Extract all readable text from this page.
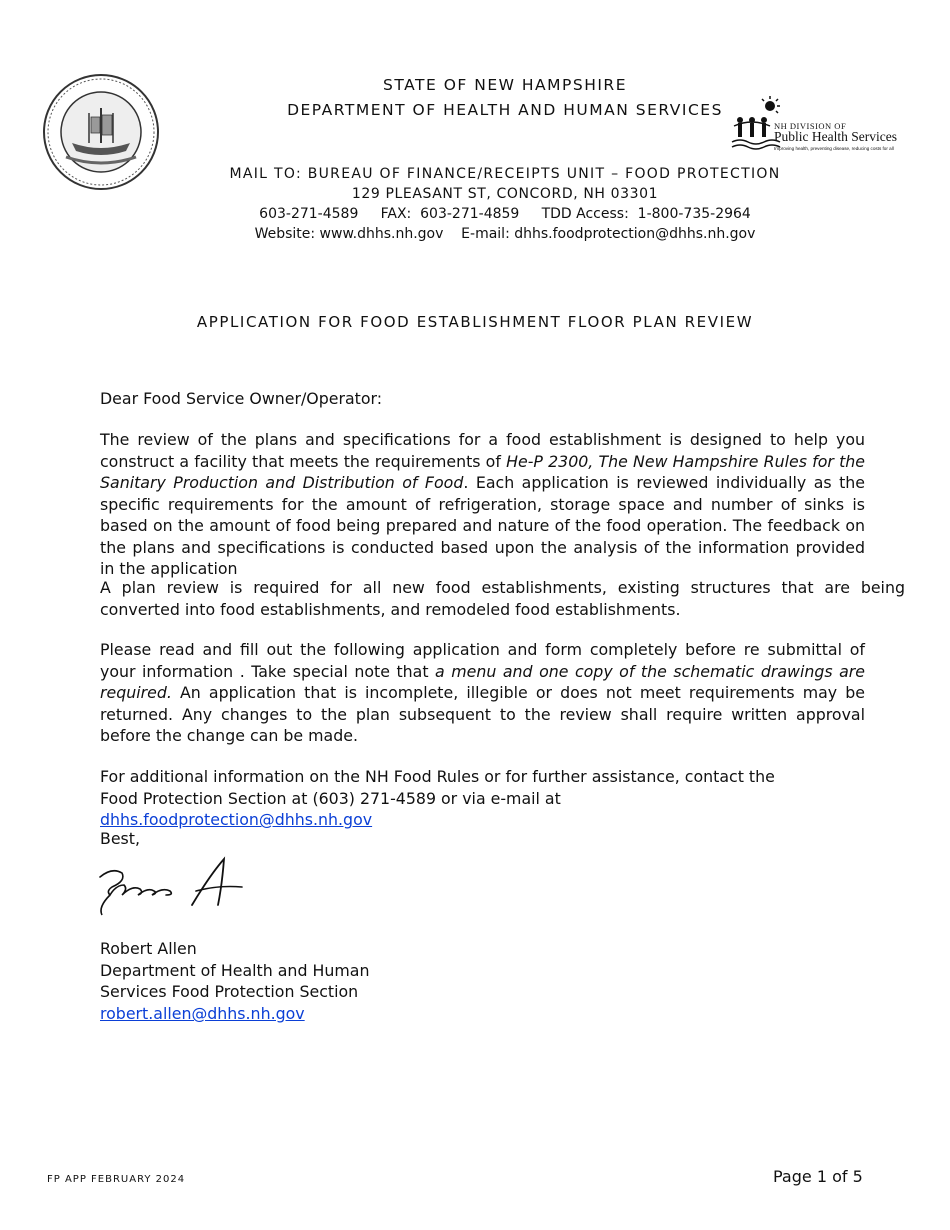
STATE OF NEW HAMPSHIRE
DEPARTMENT OF HEALTH AND HUMAN SERVICES
MAIL TO: BUREAU OF FINANCE/RECEIPTS UNIT – FOOD PROTECTION
129 PLEASANT ST, CONCORD, NH 03301
603-271-4589     FAX:  603-271-4859     TDD Access:  1-800-735-2964
Website: www.dhhs.nh.gov    E-mail: dhhs.foodprotection@dhhs.nh.gov
NH DIVISION OF
Public Health Services
Improving health, preventing disease, reducing costs for all
APPLICATION FOR FOOD ESTABLISHMENT FLOOR PLAN REVIEW
Dear Food Service Owner/Operator:

The review of the plans and specifications for a food establishment is designed to help you construct a facility that meets the requirements of He-P 2300, The New Hampshire Rules for the Sanitary Production and Distribution of Food. Each application is reviewed individually as the specific requirements for the amount of refrigeration, storage space and number of sinks is based on the amount of food being prepared and nature of the food operation. The feedback on the plans and specifications is conducted based upon the analysis of the information provided in the application

A plan review is required for all new food establishments, existing structures that are being converted into food establishments, and remodeled food establishments.

Please read and fill out the following application and form completely before re submittal of your information . Take special note that a menu and one copy of the schematic drawings are required. An application that is incomplete, illegible or does not meet requirements may be returned. Any changes to the plan subsequent to the review shall require written approval before the change can be made.

For additional information on the NH Food Rules or for further assistance, contact the Food Protection Section at (603) 271-4589 or via e-mail at dhhs.foodprotection@dhhs.nh.gov

Best,
Robert Allen
Department of Health and Human
Services Food Protection Section
robert.allen@dhhs.nh.gov
FP APP FEBRUARY 2024	Page 1 of 5
